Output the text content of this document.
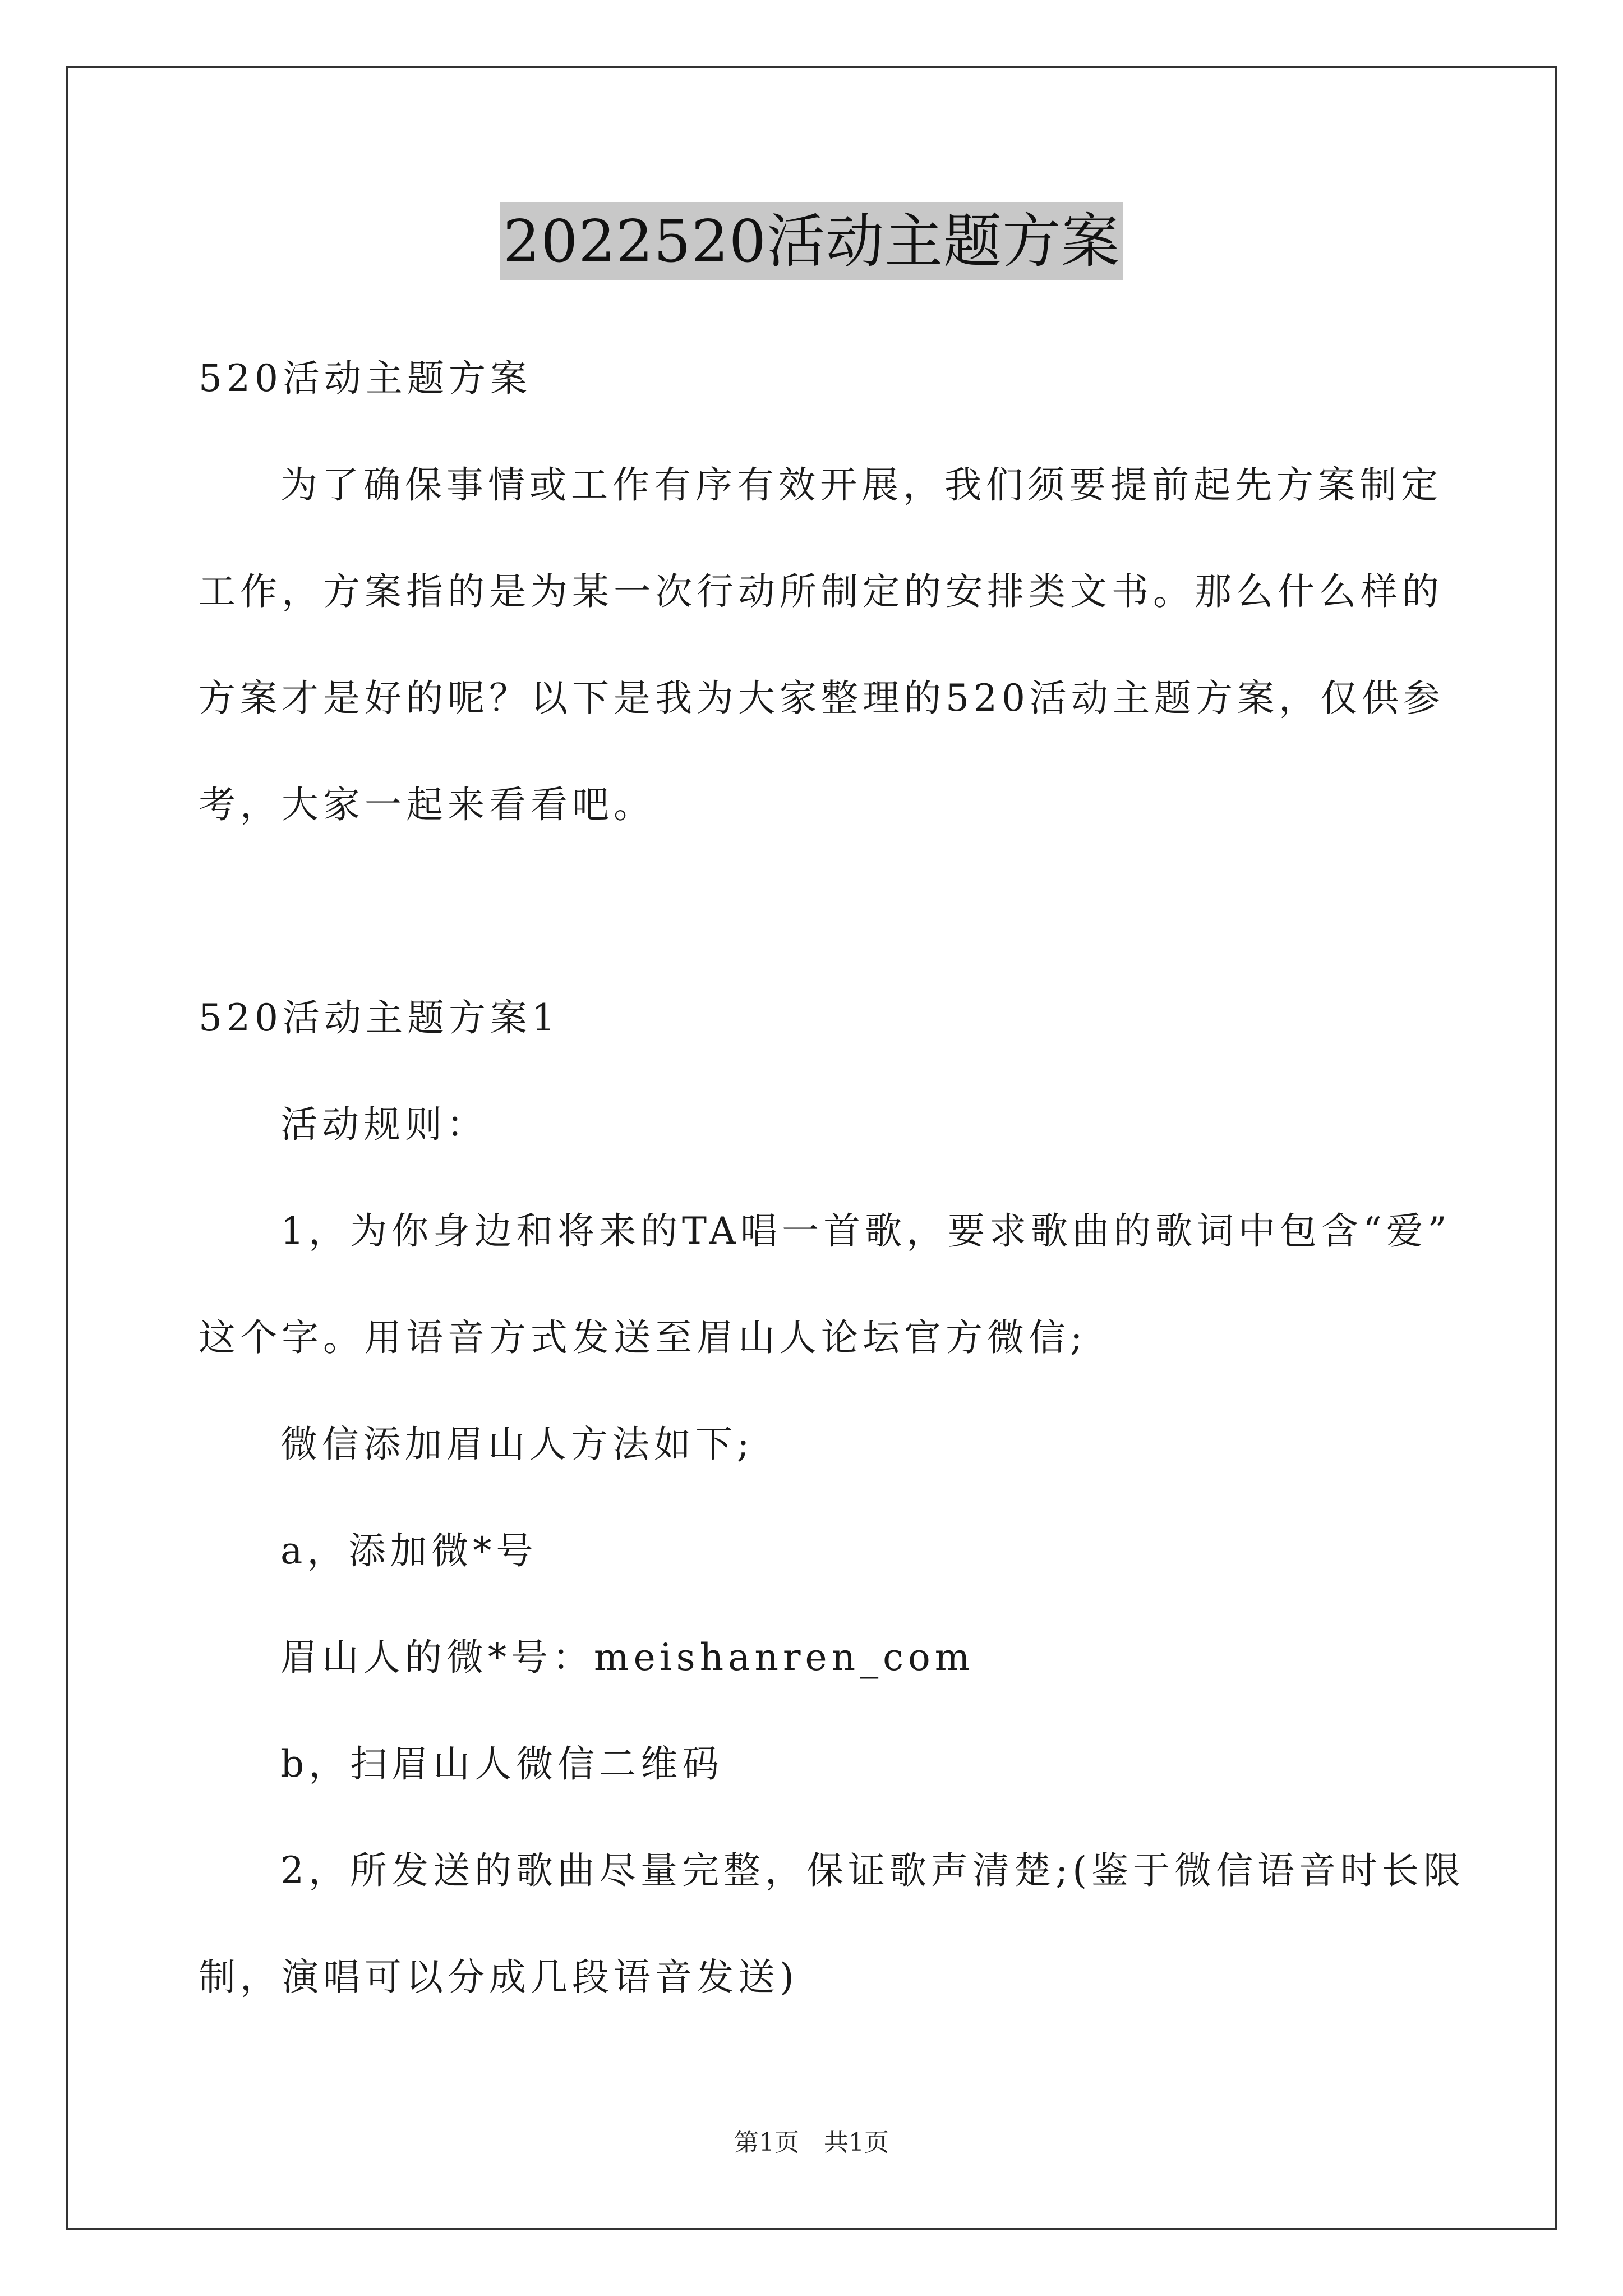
2022520活动主题方案
520活动主题方案
为了确保事情或工作有序有效开展，我们须要提前起先方案制定
工作，方案指的是为某一次行动所制定的安排类文书。那么什么样的
方案才是好的呢？以下是我为大家整理的520活动主题方案，仅供参
考，大家一起来看看吧。
520活动主题方案1
活动规则：
1，为你身边和将来的TA唱一首歌，要求歌曲的歌词中包含“爱”
这个字。用语音方式发送至眉山人论坛官方微信;
微信添加眉山人方法如下;
a，添加微*号
眉山人的微*号：meishanren_com
b，扫眉山人微信二维码
2，所发送的歌曲尽量完整，保证歌声清楚;(鉴于微信语音时长限
制，演唱可以分成几段语音发送)
第1页　共1页
